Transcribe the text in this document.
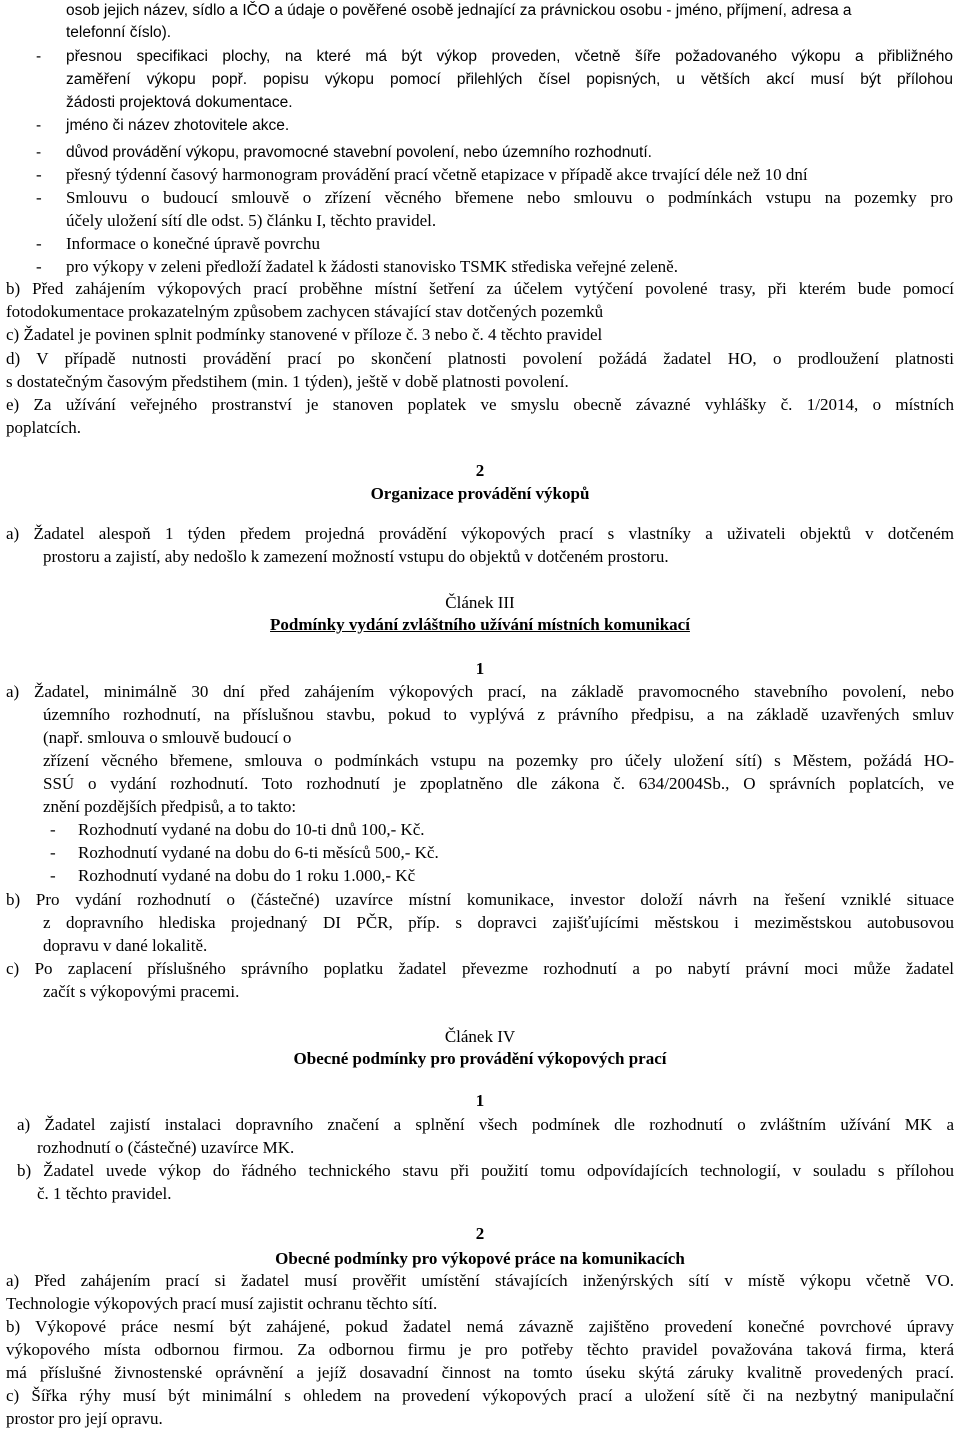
osob jejich název, sídlo a IČO a údaje o pověřené osobě jednající za právnickou osobu - jméno, příjmení, adresa a
telefonní číslo).
- přesnou specifikaci plochy, na které má být výkop proveden, včetně šíře požadovaného výkopu a přibližného
zaměření výkopu popř. popisu výkopu pomocí přilehlých čísel popisných, u větších akcí musí být přílohou
žádosti projektová dokumentace.
- jméno či název zhotovitele akce.
- důvod provádění výkopu, pravomocné stavební povolení, nebo územního rozhodnutí.
- přesný týdenní časový harmonogram provádění prací včetně etapizace v případě akce trvající déle než 10 dní
- Smlouvu o budoucí smlouvě o zřízení věcného břemene nebo smlouvu o podmínkách vstupu na pozemky pro
účely uložení sítí dle odst. 5) článku I, těchto pravidel.
- Informace o konečné úpravě povrchu
- pro výkopy v zeleni předloží žadatel k žádosti stanovisko TSMK střediska veřejné zeleně.
b) Před zahájením výkopových prací proběhne místní šetření za účelem vytýčení povolené trasy, při kterém bude pomocí
fotodokumentace prokazatelným způsobem zachycen stávající stav dotčených pozemků
c) Žadatel je povinen splnit podmínky stanovené v příloze č. 3 nebo č. 4 těchto pravidel
d) V případě nutnosti provádění prací po skončení platnosti povolení požádá žadatel HO, o prodloužení platnosti
s dostatečným časovým předstihem (min. 1 týden), ještě v době platnosti povolení.
e) Za užívání veřejného prostranství je stanoven poplatek ve smyslu obecně závazné vyhlášky č. 1/2014, o místních
poplatcích.
2
Organizace provádění výkopů
a) Žadatel alespoň 1 týden předem projedná provádění výkopových prací s vlastníky a uživateli objektů v dotčeném
prostoru a zajistí, aby nedošlo k zamezení možností vstupu do objektů v dotčeném prostoru.
Článek III
Podmínky vydání zvláštního užívání místních komunikací
1
a) Žadatel, minimálně 30 dní před zahájením výkopových prací, na základě pravomocného stavebního povolení, nebo
územního rozhodnutí, na příslušnou stavbu, pokud to vyplývá z právního předpisu, a na základě uzavřených smluv
(např. smlouva o smlouvě budoucí o
zřízení věcného břemene, smlouva o podmínkách vstupu na pozemky pro účely uložení sítí) s Městem, požádá HO-
SSÚ o vydání rozhodnutí. Toto rozhodnutí je zpoplatněno dle zákona č. 634/2004Sb., O správních poplatcích, ve
znění pozdějších předpisů, a to takto:
- Rozhodnutí vydané na dobu do 10-ti dnů 100,- Kč.
- Rozhodnutí vydané na dobu do 6-ti měsíců 500,- Kč.
- Rozhodnutí vydané na dobu do 1 roku 1.000,- Kč
b) Pro vydání rozhodnutí o (částečné) uzavírce místní komunikace, investor doloží návrh na řešení vzniklé situace
z dopravního hlediska projednaný DI PČR, příp. s dopravci zajišťujícími městskou i meziměstskou autobusovou
dopravu v dané lokalitě.
c) Po zaplacení příslušného správního poplatku žadatel převezme rozhodnutí a po nabytí právní moci může žadatel
začít s výkopovými pracemi.
Článek IV
Obecné podmínky pro provádění výkopových prací
1
a) Žadatel zajistí instalaci dopravního značení a splnění všech podmínek dle rozhodnutí o zvláštním užívání MK a
rozhodnutí o (částečné) uzavírce MK.
b) Žadatel uvede výkop do řádného technického stavu při použití tomu odpovídajících technologií, v souladu s přílohou
č. 1 těchto pravidel.
2
Obecné podmínky pro výkopové práce na komunikacích
a) Před zahájením prací si žadatel musí prověřit umístění stávajících inženýrských sítí v místě výkopu včetně VO.
Technologie výkopových prací musí zajistit ochranu těchto sítí.
b) Výkopové práce nesmí být zahájené, pokud žadatel nemá závazně zajištěno provedení konečné povrchové úpravy
výkopového místa odbornou firmou. Za odbornou firmu je pro potřeby těchto pravidel považována taková firma, která
má příslušné živnostenské oprávnění a jejíž dosavadní činnost na tomto úseku skýtá záruky kvalitně provedených prací.
c) Šířka rýhy musí být minimální s ohledem na provedení výkopových prací a uložení sítě či na nezbytný manipulační
prostor pro její opravu.
